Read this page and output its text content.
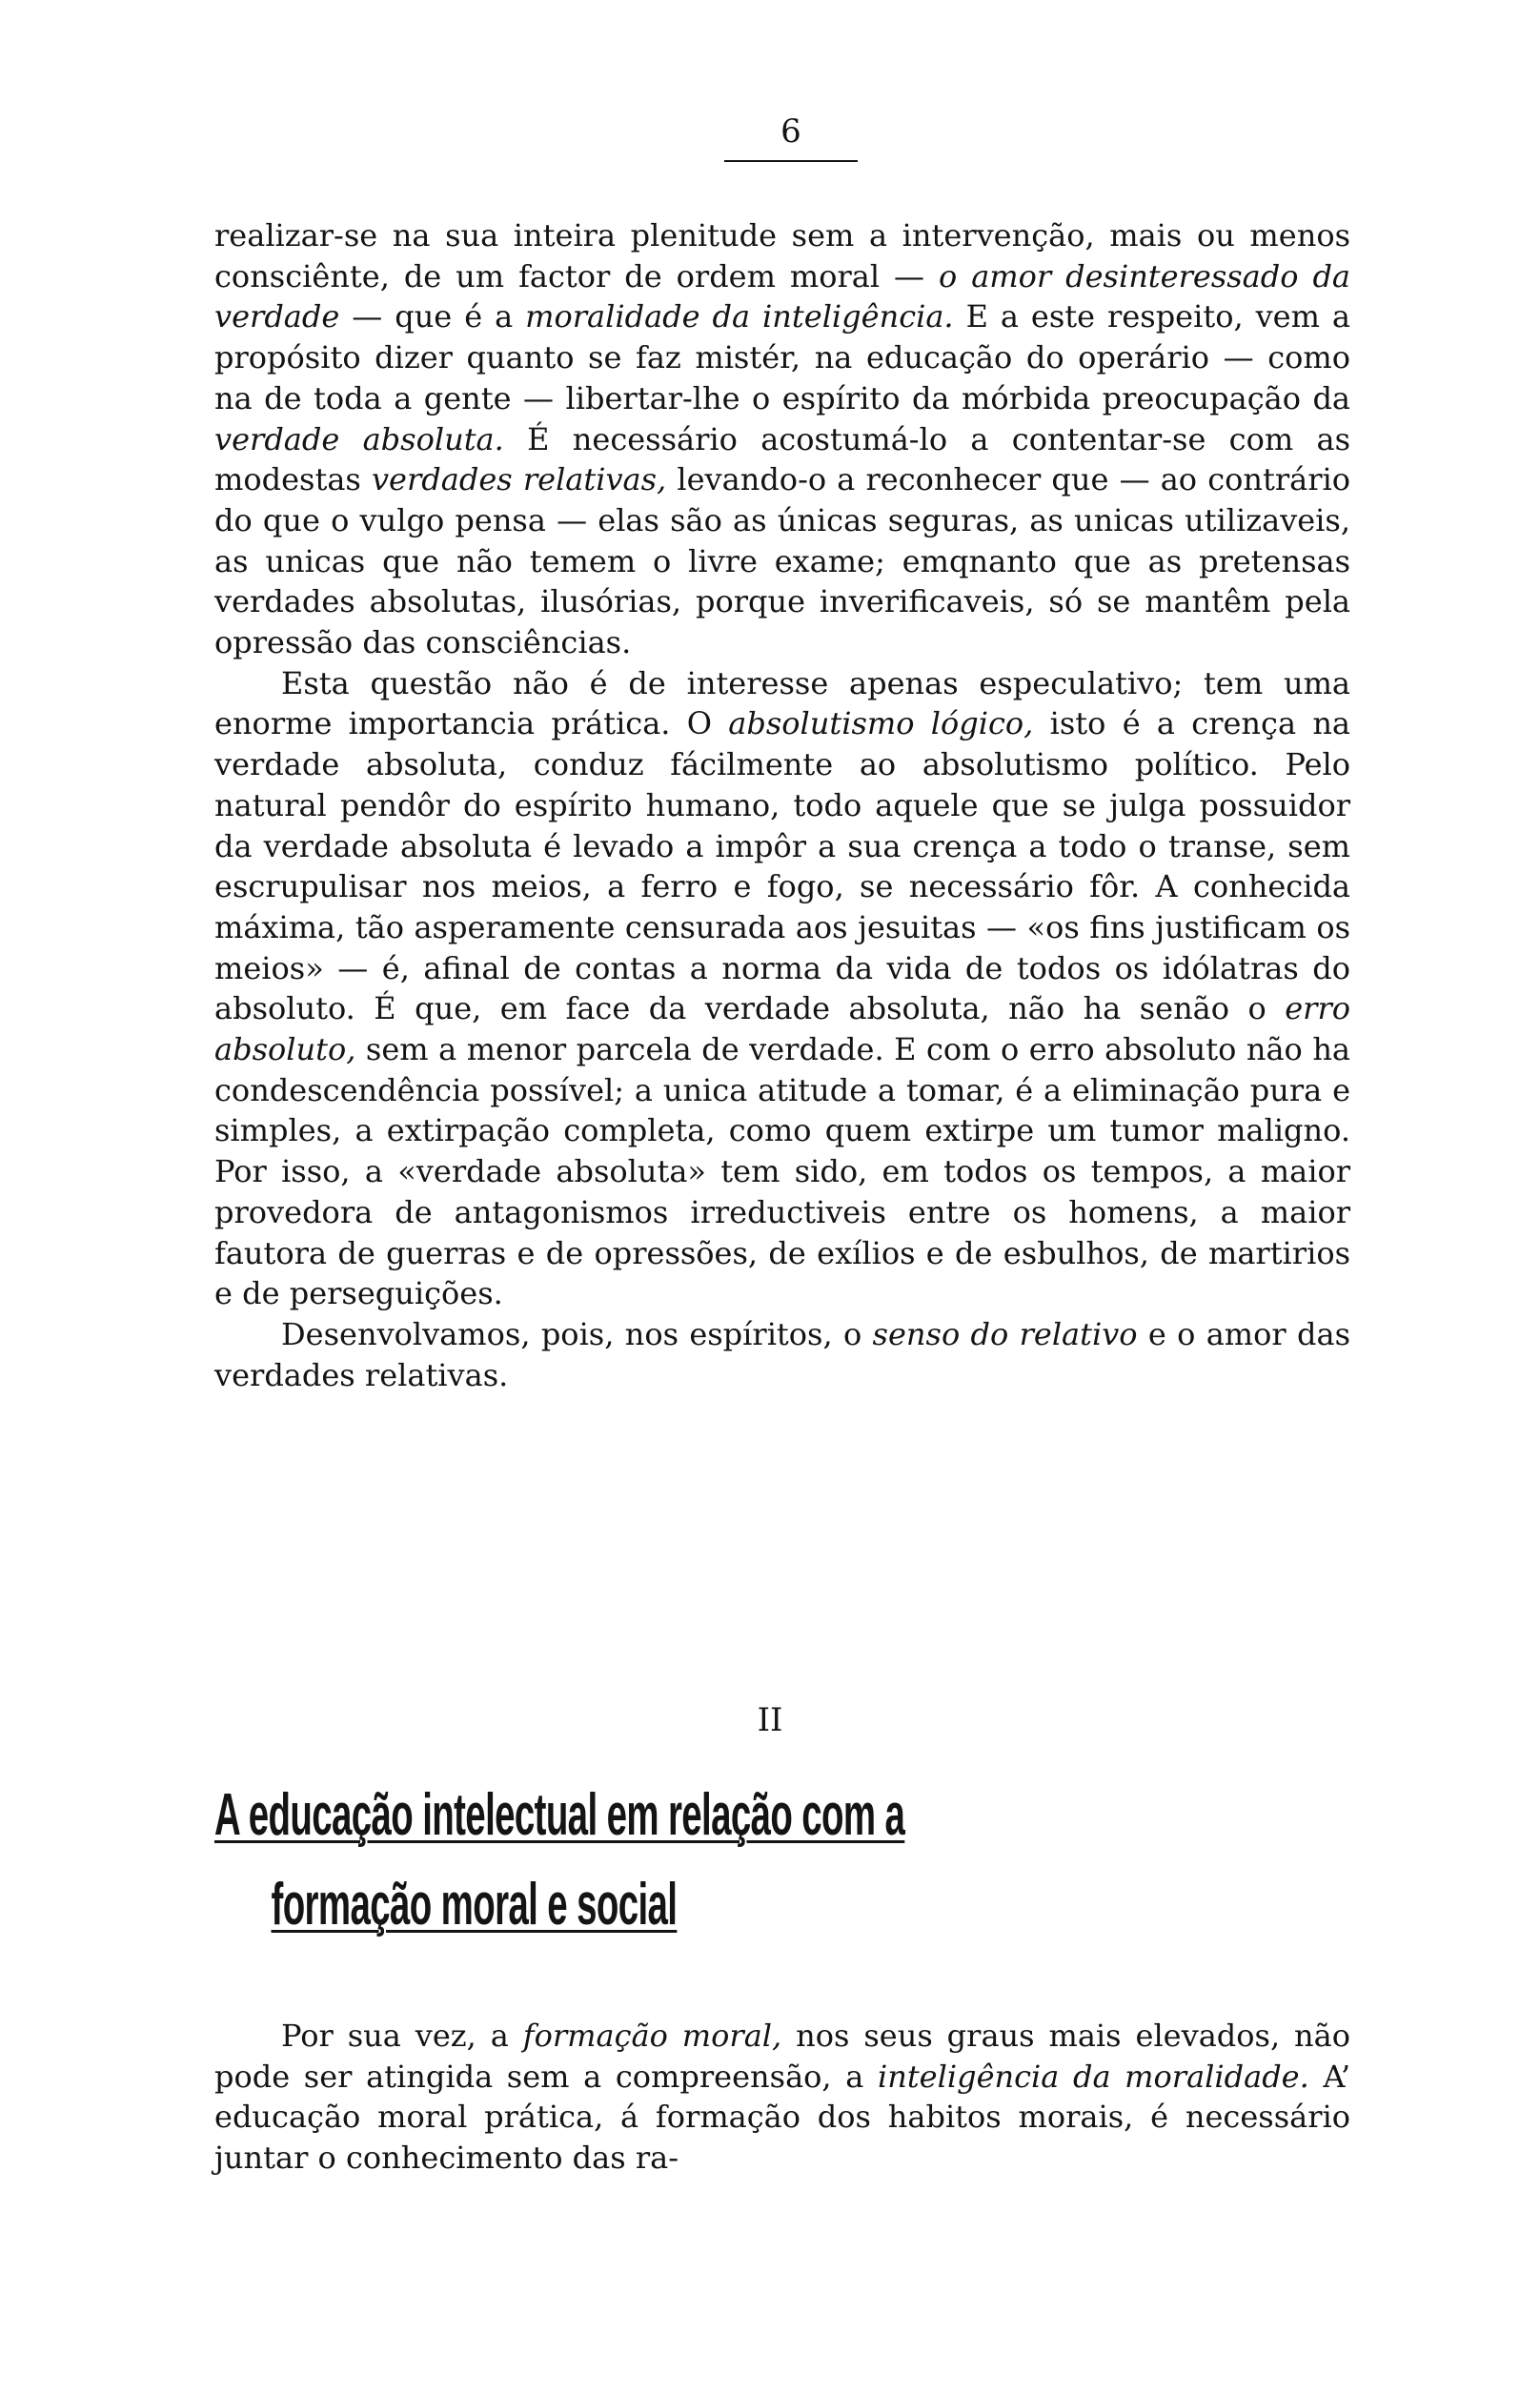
6

realizar-se na sua inteira plenitude sem a intervenção, mais ou menos consciênte, de um factor de ordem moral — o amor desinteressado da verdade — que é a moralidade da inteligência. E a este respeito, vem a propósito dizer quanto se faz mistér, na educação do operário — como na de toda a gente — libertar-lhe o espírito da mórbida preocupação da verdade absoluta. É necessário acostumá-lo a contentar-se com as modestas verdades relativas, levando-o a reconhecer que — ao contrário do que o vulgo pensa — elas são as únicas seguras, as unicas utilizaveis, as unicas que não temem o livre exame; emqnanto que as pretensas verdades absolutas, ilusórias, porque inverificaveis, só se mantêm pela opressão das consciências.

Esta questão não é de interesse apenas especulativo; tem uma enorme importancia prática. O absolutismo lógico, isto é a crença na verdade absoluta, conduz fácilmente ao absolutismo político. Pelo natural pendôr do espírito humano, todo aquele que se julga possuidor da verdade absoluta é levado a impôr a sua crença a todo o transe, sem escrupulisar nos meios, a ferro e fogo, se necessário fôr. A conhecida máxima, tão asperamente censurada aos jesuitas — «os fins justificam os meios» — é, afinal de contas a norma da vida de todos os idólatras do absoluto. É que, em face da verdade absoluta, não ha senão o erro absoluto, sem a menor parcela de verdade. E com o erro absoluto não ha condescendência possível; a unica atitude a tomar, é a eliminação pura e simples, a extirpação completa, como quem extirpe um tumor maligno. Por isso, a «verdade absoluta» tem sido, em todos os tempos, a maior provedora de antagonismos irreductiveis entre os homens, a maior fautora de guerras e de opressões, de exílios e de esbulhos, de martirios e de perseguições.

Desenvolvamos, pois, nos espíritos, o senso do relativo e o amor das verdades relativas.

II
A educação intelectual em relação com a
formação moral e social

Por sua vez, a formação moral, nos seus graus mais elevados, não pode ser atingida sem a compreensão, a inteligência da moralidade. A’ educação moral prática, á formação dos habitos morais, é necessário juntar o conhecimento das ra-
